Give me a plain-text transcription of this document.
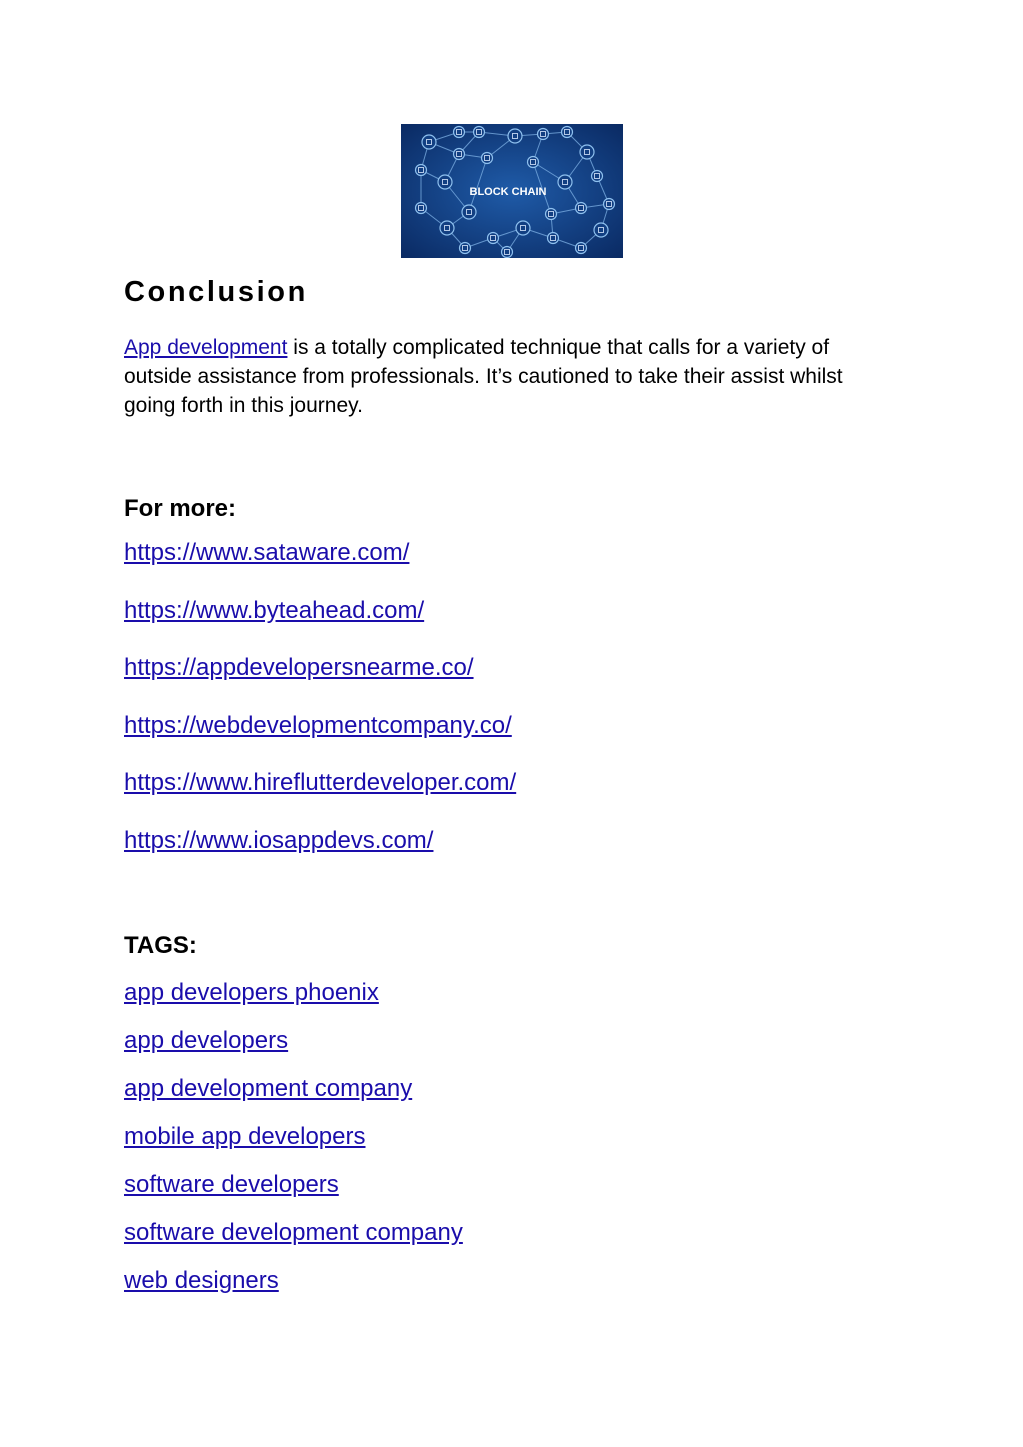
BLOCK CHAIN
Conclusion

App development is a totally complicated technique that calls for a variety of outside assistance from professionals. It’s cautioned to take their assist whilst going forth in this journey.

For more:
https://www.sataware.com/
https://www.byteahead.com/
https://appdevelopersnearme.co/
https://webdevelopmentcompany.co/
https://www.hireflutterdeveloper.com/
https://www.iosappdevs.com/
TAGS:
app developers phoenix
app developers
app development company
mobile app developers
software developers
software development company
web designers
